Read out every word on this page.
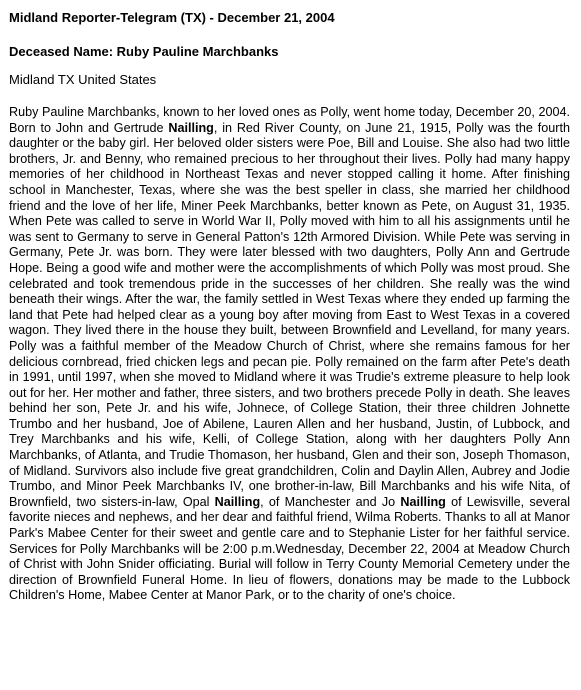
Midland Reporter-Telegram (TX) - December 21, 2004

Deceased Name: Ruby Pauline Marchbanks

Midland TX United States

Ruby Pauline Marchbanks, known to her loved ones as Polly, went home today, December 20, 2004. Born to John and Gertrude Nailling, in Red River County, on June 21, 1915, Polly was the fourth daughter or the baby girl. Her beloved older sisters were Poe, Bill and Louise. She also had two little brothers, Jr. and Benny, who remained precious to her throughout their lives. Polly had many happy memories of her childhood in Northeast Texas and never stopped calling it home. After finishing school in Manchester, Texas, where she was the best speller in class, she married her childhood friend and the love of her life, Miner Peek Marchbanks, better known as Pete, on August 31, 1935. When Pete was called to serve in World War II, Polly moved with him to all his assignments until he was sent to Germany to serve in General Patton's 12th Armored Division. While Pete was serving in Germany, Pete Jr. was born. They were later blessed with two daughters, Polly Ann and Gertrude Hope. Being a good wife and mother were the accomplishments of which Polly was most proud. She celebrated and took tremendous pride in the successes of her children. She really was the wind beneath their wings. After the war, the family settled in West Texas where they ended up farming the land that Pete had helped clear as a young boy after moving from East to West Texas in a covered wagon. They lived there in the house they built, between Brownfield and Levelland, for many years. Polly was a faithful member of the Meadow Church of Christ, where she remains famous for her delicious cornbread, fried chicken legs and pecan pie. Polly remained on the farm after Pete's death in 1991, until 1997, when she moved to Midland where it was Trudie's extreme pleasure to help look out for her. Her mother and father, three sisters, and two brothers precede Polly in death. She leaves behind her son, Pete Jr. and his wife, Johnece, of College Station, their three children Johnette Trumbo and her husband, Joe of Abilene, Lauren Allen and her husband, Justin, of Lubbock, and Trey Marchbanks and his wife, Kelli, of College Station, along with her daughters Polly Ann Marchbanks, of Atlanta, and Trudie Thomason, her husband, Glen and their son, Joseph Thomason, of Midland. Survivors also include five great grandchildren, Colin and Daylin Allen, Aubrey and Jodie Trumbo, and Minor Peek Marchbanks IV, one brother-in-law, Bill Marchbanks and his wife Nita, of Brownfield, two sisters-in-law, Opal Nailling, of Manchester and Jo Nailling of Lewisville, several favorite nieces and nephews, and her dear and faithful friend, Wilma Roberts. Thanks to all at Manor Park's Mabee Center for their sweet and gentle care and to Stephanie Lister for her faithful service. Services for Polly Marchbanks will be 2:00 p.m.Wednesday, December 22, 2004 at Meadow Church of Christ with John Snider officiating. Burial will follow in Terry County Memorial Cemetery under the direction of Brownfield Funeral Home. In lieu of flowers, donations may be made to the Lubbock Children's Home, Mabee Center at Manor Park, or to the charity of one's choice.
